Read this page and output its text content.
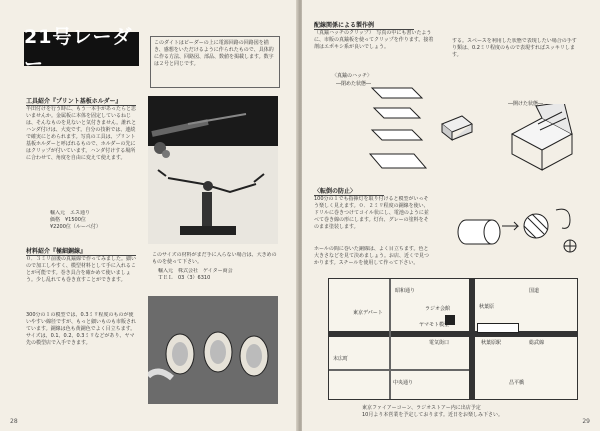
21号レーダー
このダイトはピーダーの上に電源回路の回路図を描き、感想をいただけるように作られたもので、具体的に作る方法、回路図、部品、数値を掲載します。数字は２号と同じです。
工具紹介『プリント基板ホルダー』
半田付けを行う時に、もう一本手があったらと思いませんか。金属板に本体を固定しているねじは、そんなものを見ないと気付きません。誰れとハンダ付けは、大変です。自分の技術では、連続で確実にとめられます。写真の工具は、プリント基板ホルダーと呼ばれるもので、ホルダーの先にはクリップが付いています。ハンダ付けする場所に合わせて、角度を自由に変えて使えます。
輸入元　エス通り
価格　¥1500位
¥2200位（ルーペ付）
材料紹介『極細銅線』
０．３ミリ前後の真鍮線で作ってみました。細いので加工しやすく、模型材料として手に入れることが可能です。巻き具合を確かめて使いましょう。少し乱れても巻き直すことができます。
300分の１の模型では、0.3ミリ程度のものが使いやすい線径ですが、もっと細いものも市販されています。銅線は色も黄銅色でよく目立ちます。サイズは、0.1、0.2、0.3ミリなどがあり、ヤマ先の模型店で入手できます。
このサイズの材料がまだ手に入らない場合は、大きめのものを使って下さい。
輸入元　株式会社　ゲイター商会
ＴＥＬ　03（3）6310
28
配線関係による製作例
（真鍮ハッチのクリップ）　写真の中にも書いたように、市販の真鍮板を使ってクリップを作ります。接着剤はエポキシ系が良いでしょう。
する。スペースを利用した状態で表現したい場合の手すり類は、0.2ミリ程度のもので表現すればスッキリします。
〈真鍮のハッチ〉
―閉めた状態―
―開けた状態―
〈転倒の防止〉
100分の１でも指揮灯を取り付けると模型がいっそう楽しく見えます。０．２ミリ程度の銅線を使い、ドリルに巻きつけてコイル状にし、電池のように並べて巻き線の形にします。灯台、グレーの塗料をそのまま塗装します。
ホールの間に巻いた銅線は、よく目立ちます。色と大きさなどを見て決めましょう。お店、近くで見つかります。スチールを使用して作って下さい。
東京デパート
秋葉原
昭和通り
中央通り
国道
総武線
秋葉原駅
電気街口
ラジオ会館
ヤマモト模型
末広町
昌平橋
東京ファイアーコーン、ラジオストアー内に出店予定
10月より本営業を予定しております。近日をお楽しみ下さい。
29
